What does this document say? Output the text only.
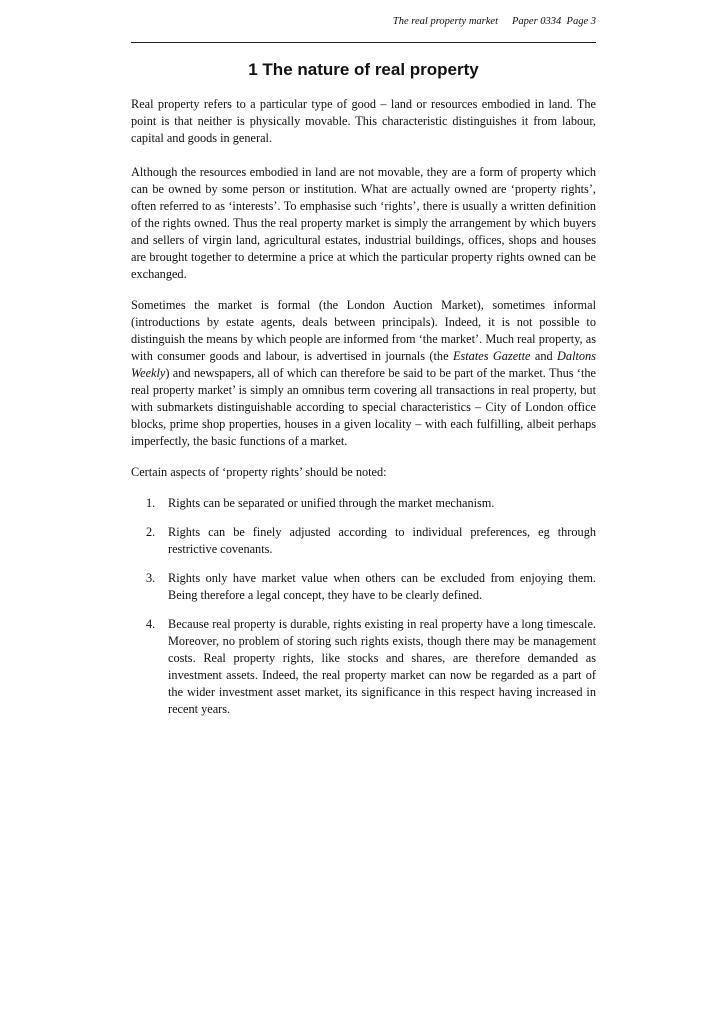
The real property market Paper 0334 Page 3
1 The nature of real property

Real property refers to a particular type of good – land or resources embodied in land. The point is that neither is physically movable. This characteristic distinguishes it from labour, capital and goods in general.

Although the resources embodied in land are not movable, they are a form of property which can be owned by some person or institution. What are actually owned are ‘property rights’, often referred to as ‘interests’. To emphasise such ‘rights’, there is usually a written definition of the rights owned. Thus the real property market is simply the arrangement by which buyers and sellers of virgin land, agricultural estates, industrial buildings, offices, shops and houses are brought together to determine a price at which the particular property rights owned can be exchanged.

Sometimes the market is formal (the London Auction Market), sometimes informal (introductions by estate agents, deals between principals). Indeed, it is not possible to distinguish the means by which people are informed from ‘the market’. Much real property, as with consumer goods and labour, is advertised in journals (the Estates Gazette and Daltons Weekly) and newspapers, all of which can therefore be said to be part of the market. Thus ‘the real property market’ is simply an omnibus term covering all transactions in real property, but with submarkets distinguishable according to special characteristics – City of London office blocks, prime shop properties, houses in a given locality – with each fulfilling, albeit perhaps imperfectly, the basic functions of a market.

Certain aspects of ‘property rights’ should be noted:

1. Rights can be separated or unified through the market mechanism.
2. Rights can be finely adjusted according to individual preferences, eg through restrictive covenants.
3. Rights only have market value when others can be excluded from enjoying them. Being therefore a legal concept, they have to be clearly defined.
4. Because real property is durable, rights existing in real property have a long timescale. Moreover, no problem of storing such rights exists, though there may be management costs. Real property rights, like stocks and shares, are therefore demanded as investment assets. Indeed, the real property market can now be regarded as a part of the wider investment asset market, its significance in this respect having increased in recent years.
